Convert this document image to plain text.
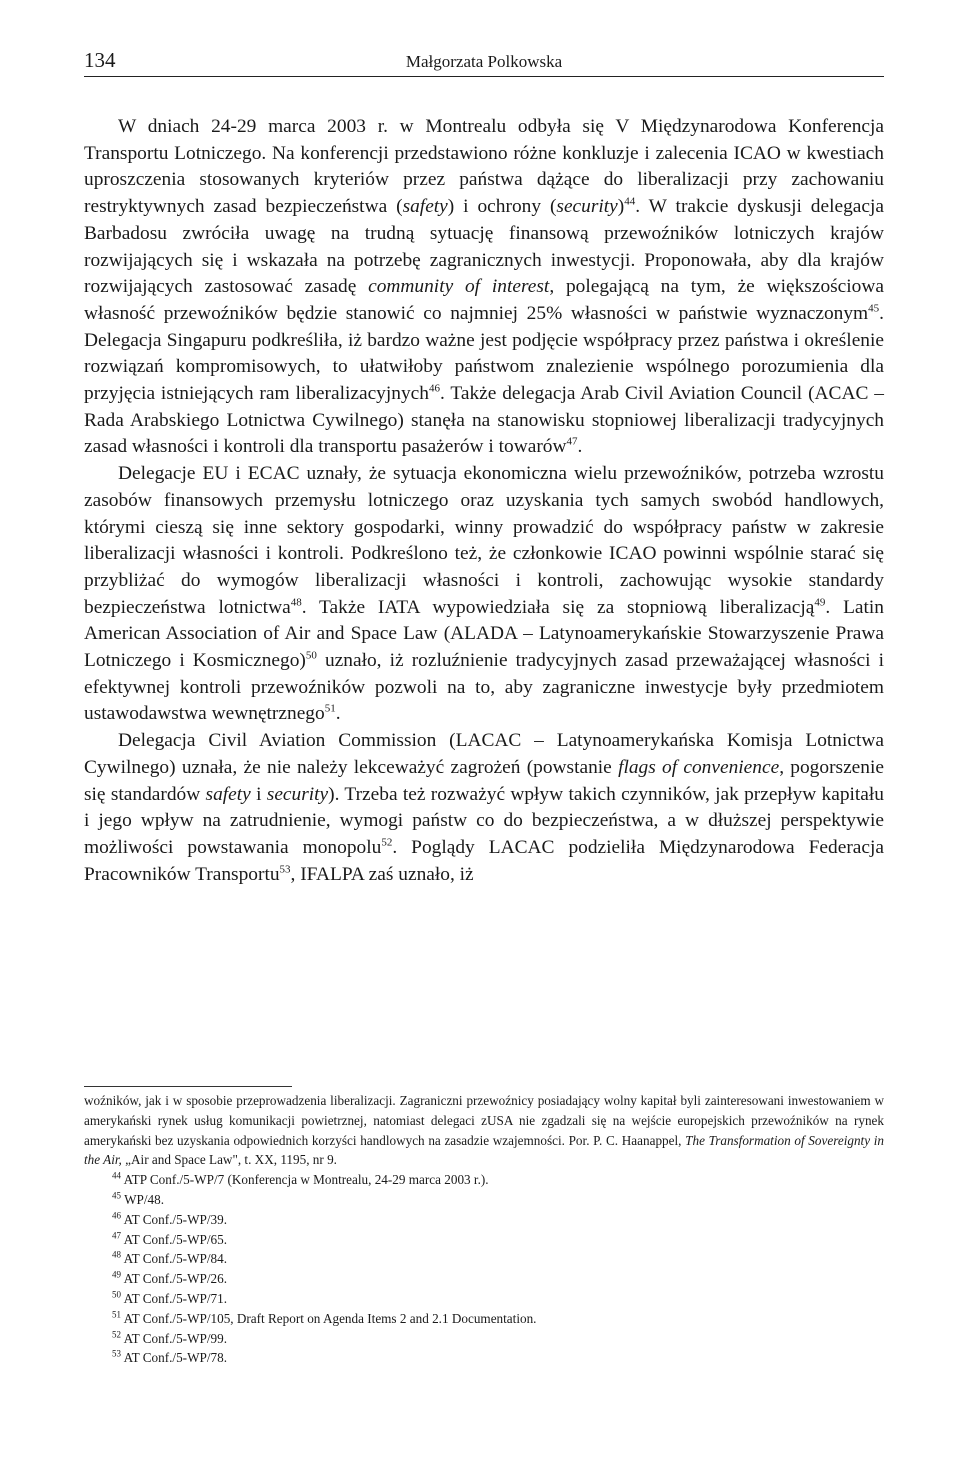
134	Małgorzata Polkowska

W dniach 24-29 marca 2003 r. w Montrealu odbyła się V Międzynarodowa Konferencja Transportu Lotniczego. Na konferencji przedstawiono różne konkluzje i zalecenia ICAO w kwestiach uproszczenia stosowanych kryteriów przez państwa dążące do liberalizacji przy zachowaniu restryktywnych zasad bezpieczeństwa (safety) i ochrony (security)$^{44}$. W trakcie dyskusji delegacja Barbadosu zwróciła uwagę na trudną sytuację finansową przewoźników lotniczych krajów rozwijających się i wskazała na potrzebę zagranicznych inwestycji. Proponowała, aby dla krajów rozwijających zastosować zasadę community of interest, polegającą na tym, że większościowa własność przewoźników będzie stanowić co najmniej 25% własności w państwie wyznaczonym$^{45}$. Delegacja Singapuru podkreśliła, iż bardzo ważne jest podjęcie współpracy przez państwa i określenie rozwiązań kompromisowych, to ułatwiłoby państwom znalezienie wspólnego porozumienia dla przyjęcia istniejących ram liberalizacyjnych$^{46}$. Także delegacja Arab Civil Aviation Council (ACAC – Rada Arabskiego Lotnictwa Cywilnego) stanęła na stanowisku stopniowej liberalizacji tradycyjnych zasad własności i kontroli dla transportu pasażerów i towarów$^{47}$.

Delegacje EU i ECAC uznały, że sytuacja ekonomiczna wielu przewoźników, potrzeba wzrostu zasobów finansowych przemysłu lotniczego oraz uzyskania tych samych swobód handlowych, którymi cieszą się inne sektory gospodarki, winny prowadzić do współpracy państw w zakresie liberalizacji własności i kontroli. Podkreślono też, że członkowie ICAO powinni wspólnie starać się przybliżać do wymogów liberalizacji własności i kontroli, zachowując wysokie standardy bezpieczeństwa lotnictwa$^{48}$. Także IATA wypowiedziała się za stopniową liberalizacją$^{49}$. Latin American Association of Air and Space Law (ALADA – Latynoamerykańskie Stowarzyszenie Prawa Lotniczego i Kosmicznego)$^{50}$ uznało, iż rozluźnienie tradycyjnych zasad przeważającej własności i efektywnej kontroli przewoźników pozwoli na to, aby zagraniczne inwestycje były przedmiotem ustawodawstwa wewnętrznego$^{51}$.

Delegacja Civil Aviation Commission (LACAC – Latynoamerykańska Komisja Lotnictwa Cywilnego) uznała, że nie należy lekceważyć zagrożeń (powstanie flags of convenience, pogorszenie się standardów safety i security). Trzeba też rozważyć wpływ takich czynników, jak przepływ kapitału i jego wpływ na zatrudnienie, wymogi państw co do bezpieczeństwa, a w dłuższej perspektywie możliwości powstawania monopolu$^{52}$. Poglądy LACAC podzieliła Międzynarodowa Federacja Pracowników Transportu$^{53}$, IFALPA zaś uznało, iż

woźników, jak i w sposobie przeprowadzenia liberalizacji. Zagraniczni przewoźnicy posiadający wolny kapitał byli zainteresowani inwestowaniem w amerykański rynek usług komunikacji powietrznej, natomiast delegaci zUSA nie zgadzali się na wejście europejskich przewoźników na rynek amerykański bez uzyskania odpowiednich korzyści handlowych na zasadzie wzajemności. Por. P. C. Haanappel, The Transformation of Sovereignty in the Air, „Air and Space Law", t. XX, 1195, nr 9.

$^{44}$ ATP Conf./5-WP/7 (Konferencja w Montrealu, 24-29 marca 2003 r.).

$^{45}$ WP/48.

$^{46}$ AT Conf./5-WP/39.

$^{47}$ AT Conf./5-WP/65.

$^{48}$ AT Conf./5-WP/84.

$^{49}$ AT Conf./5-WP/26.

$^{50}$ AT Conf./5-WP/71.

$^{51}$ AT Conf./5-WP/105, Draft Report on Agenda Items 2 and 2.1 Documentation.

$^{52}$ AT Conf./5-WP/99.

$^{53}$ AT Conf./5-WP/78.
